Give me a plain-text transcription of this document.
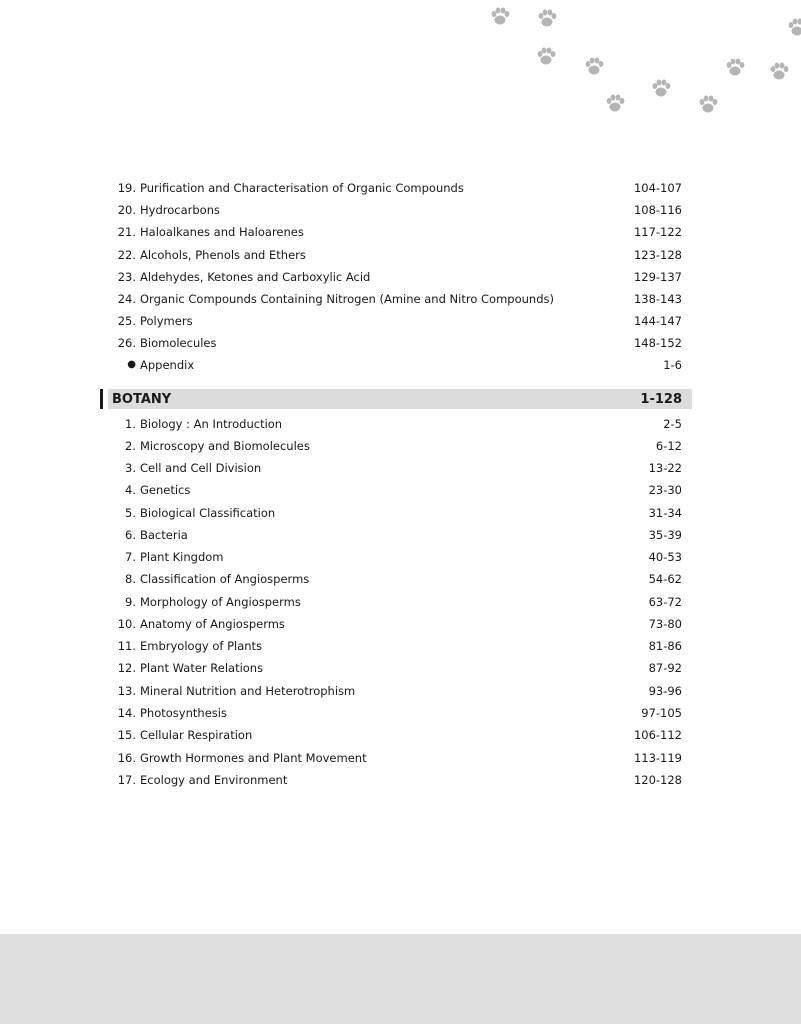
19. Purification and Characterisation of Organic Compounds	104-107
20. Hydrocarbons	108-116
21. Haloalkanes and Haloarenes	117-122
22. Alcohols, Phenols and Ethers	123-128
23. Aldehydes, Ketones and Carboxylic Acid	129-137
24. Organic Compounds Containing Nitrogen (Amine and Nitro Compounds)	138-143
25. Polymers	144-147
26. Biomolecules	148-152
● Appendix	1-6
BOTANY	1-128
1. Biology : An Introduction	2-5
2. Microscopy and Biomolecules	6-12
3. Cell and Cell Division	13-22
4. Genetics	23-30
5. Biological Classification	31-34
6. Bacteria	35-39
7. Plant Kingdom	40-53
8. Classification of Angiosperms	54-62
9. Morphology of Angiosperms	63-72
10. Anatomy of Angiosperms	73-80
11. Embryology of Plants	81-86
12. Plant Water Relations	87-92
13. Mineral Nutrition and Heterotrophism	93-96
14. Photosynthesis	97-105
15. Cellular Respiration	106-112
16. Growth Hormones and Plant Movement	113-119
17. Ecology and Environment	120-128
